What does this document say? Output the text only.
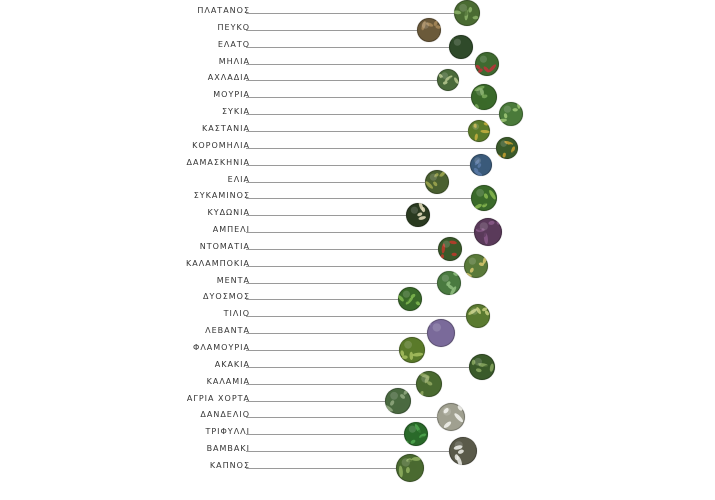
ΠΛΑΤΑΝΟΣ
ΠΕΥΚΟ
ΕΛΑΤΟ
ΜΗΛΙΑ
ΑΧΛΑΔΙΑ
ΜΟΥΡΙΑ
ΣΥΚΙΑ
ΚΑΣΤΑΝΙΑ
ΚΟΡΟΜΗΛΙΑ
ΔΑΜΑΣΚΗΝΙΑ
ΕΛΙΑ
ΣΥΚΑΜΙΝΟΣ
ΚΥΔΩΝΙΑ
ΑΜΠΕΛΙ
ΝΤΟΜΑΤΙΑ
ΚΑΛΑΜΠΟΚΙΑ
ΜΕΝΤΑ
ΔΥΟΣΜΟΣ
ΤΙΛΙΟ
ΛΕΒΑΝΤΑ
ΦΛΑΜΟΥΡΙΑ
ΑΚΑΚΙΑ
ΚΑΛΑΜΙΑ
ΑΓΡΙΑ ΧΟΡΤΑ
ΔΑΝΔΕΛΙΟ
ΤΡΙΦΥΛΛΙ
ΒΑΜΒΑΚΙ
ΚΑΠΝΟΣ
